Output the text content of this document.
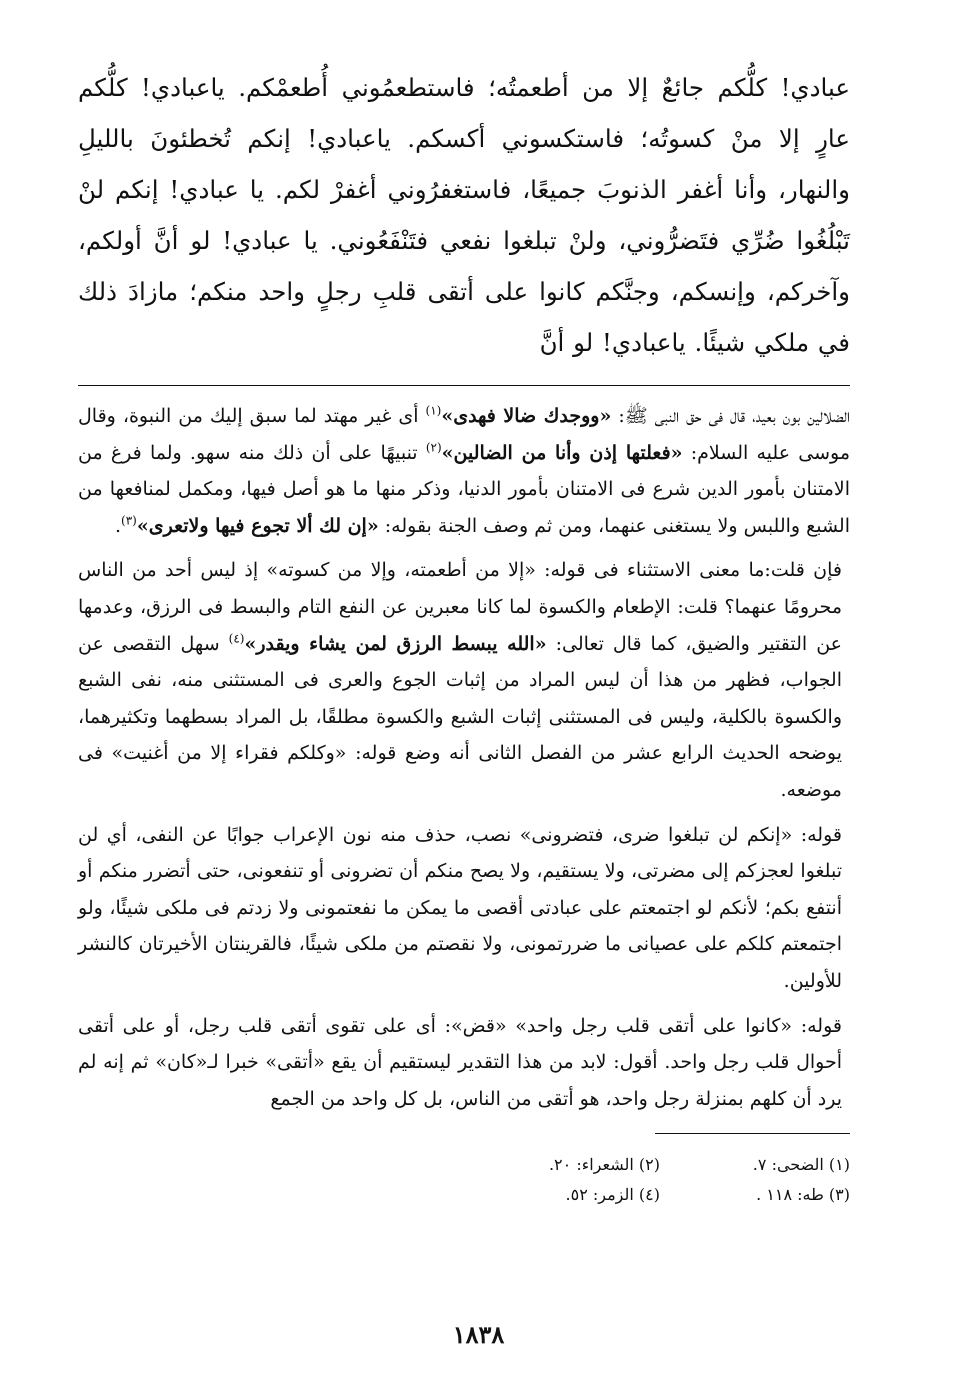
عبادي! كلُّكم جائعٌ إلا من أطعمتُه؛ فاستطعمُوني أُطعمْكم. ياعبادي! كلُّكم عارٍ إلا منْ كسوتُه؛ فاستكسوني أكسكم. ياعبادي! إنكم تُخطئونَ بالليلِ والنهار، وأنا أغفر الذنوبَ جميعًا، فاستغفرُوني أغفرْ لكم. يا عبادي! إنكم لنْ تَبْلُغُوا ضُرِّي فتَضرُّوني، ولنْ تبلغوا نفعي فتَنْفَعُوني. يا عبادي! لو أنَّ أولكم، وآخركم، وإنسكم، وجنَّكم كانوا على أتقى قلبِ رجلٍ واحد منكم؛ مازادَ ذلك في ملكي شيئًا. ياعبادي! لو أنَّ

الضلالين بون بعيد، قال فى حق النبى ﷺ: «ووجدك ضالا فهدى»$^{(١)}$ أى غير مهتد لما سبق إليك من النبوة، وقال موسى عليه السلام: «فعلتها إذن وأنا من الضالين»$^{(٢)}$ تنبيهًا على أن ذلك منه سهو. ولما فرغ من الامتنان بأمور الدين شرع فى الامتنان بأمور الدنيا، وذكر منها ما هو أصل فيها، ومكمل لمنافعها من الشبع واللبس ولا يستغنى عنهما، ومن ثم وصف الجنة بقوله: «إن لك ألا تجوع فيها ولاتعرى»$^{(٣)}$.

فإن قلت:ما معنى الاستثناء فى قوله: «إلا من أطعمته، وإلا من كسوته» إذ ليس أحد من الناس محرومًا عنهما؟ قلت: الإطعام والكسوة لما كانا معبرين عن النفع التام والبسط فى الرزق، وعدمها عن التقتير والضيق، كما قال تعالى: «الله يبسط الرزق لمن يشاء ويقدر»$^{(٤)}$ سهل التقصى عن الجواب، فظهر من هذا أن ليس المراد من إثبات الجوع والعرى فى المستثنى منه، نفى الشبع والكسوة بالكلية، وليس فى المستثنى إثبات الشبع والكسوة مطلقًا، بل المراد بسطهما وتكثيرهما، يوضحه الحديث الرابع عشر من الفصل الثانى أنه وضع قوله: «وكلكم فقراء إلا من أغنيت» فى موضعه.

قوله: «إنكم لن تبلغوا ضرى، فتضرونى» نصب، حذف منه نون الإعراب جوابًا عن النفى، أي لن تبلغوا لعجزكم إلى مضرتى، ولا يستقيم، ولا يصح منكم أن تضرونى أو تنفعونى، حتى أتضرر منكم أو أنتفع بكم؛ لأنكم لو اجتمعتم على عبادتى أقصى ما يمكن ما نفعتمونى ولا زدتم فى ملكى شيئًا، ولو اجتمعتم كلكم على عصيانى ما ضررتمونى، ولا نقصتم من ملكى شيئًا، فالقرينتان الأخيرتان كالنشر للأولين.

قوله: «كانوا على أتقى قلب رجل واحد» «قض»: أى على تقوى أتقى قلب رجل، أو على أتقى أحوال قلب رجل واحد. أقول: لابد من هذا التقدير ليستقيم أن يقع «أتقى» خبرا لـ«كان» ثم إنه لم يرد أن كلهم بمنزلة رجل واحد، هو أتقى من الناس، بل كل واحد من الجمع

(١) الضحى: ٧.
(٢) الشعراء: ٢٠.
(٣) طه: ١١٨ .
(٤) الزمر: ٥٢.
١٨٣٨
